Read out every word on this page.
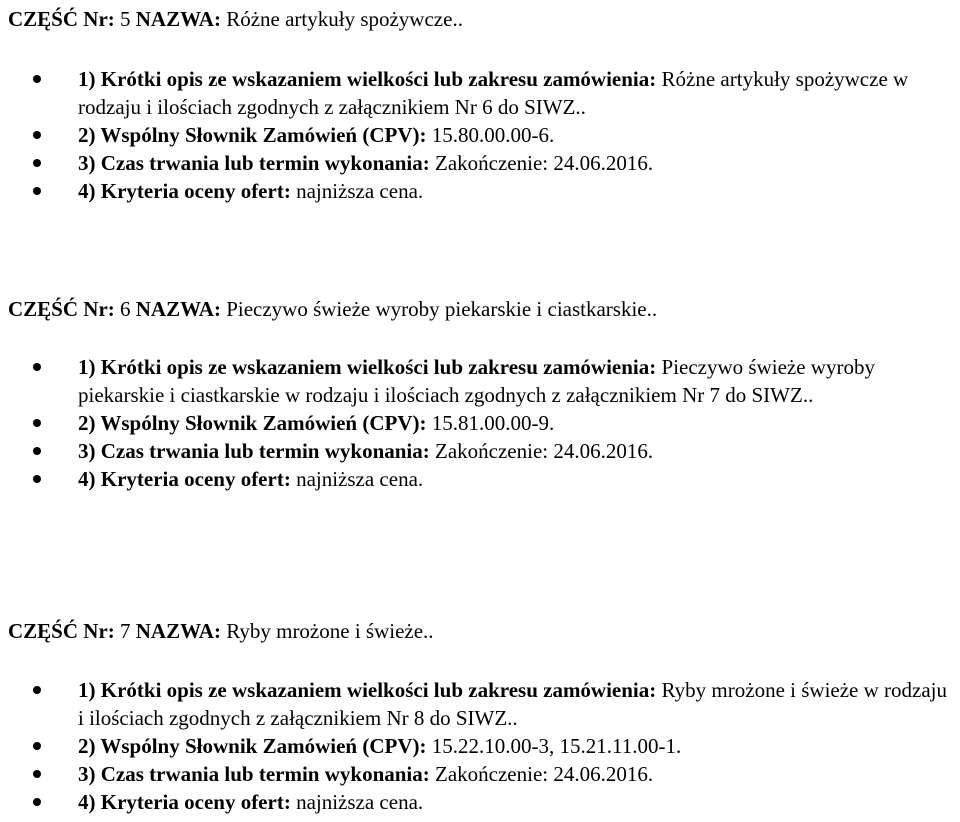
CZĘŚĆ Nr: 5 NAZWA: Różne artykuły spożywcze..

1) Krótki opis ze wskazaniem wielkości lub zakresu zamówienia: Różne artykuły spożywcze w rodzaju i ilościach zgodnych z załącznikiem Nr 6 do SIWZ..
2) Wspólny Słownik Zamówień (CPV): 15.80.00.00-6.
3) Czas trwania lub termin wykonania: Zakończenie: 24.06.2016.
4) Kryteria oceny ofert: najniższa cena.

CZĘŚĆ Nr: 6 NAZWA: Pieczywo świeże wyroby piekarskie i ciastkarskie..

1) Krótki opis ze wskazaniem wielkości lub zakresu zamówienia: Pieczywo świeże wyroby piekarskie i ciastkarskie w rodzaju i ilościach zgodnych z załącznikiem Nr 7 do SIWZ..
2) Wspólny Słownik Zamówień (CPV): 15.81.00.00-9.
3) Czas trwania lub termin wykonania: Zakończenie: 24.06.2016.
4) Kryteria oceny ofert: najniższa cena.

CZĘŚĆ Nr: 7 NAZWA: Ryby mrożone i świeże..

1) Krótki opis ze wskazaniem wielkości lub zakresu zamówienia: Ryby mrożone i świeże w rodzaju i ilościach zgodnych z załącznikiem Nr 8 do SIWZ..
2) Wspólny Słownik Zamówień (CPV): 15.22.10.00-3, 15.21.11.00-1.
3) Czas trwania lub termin wykonania: Zakończenie: 24.06.2016.
4) Kryteria oceny ofert: najniższa cena.
